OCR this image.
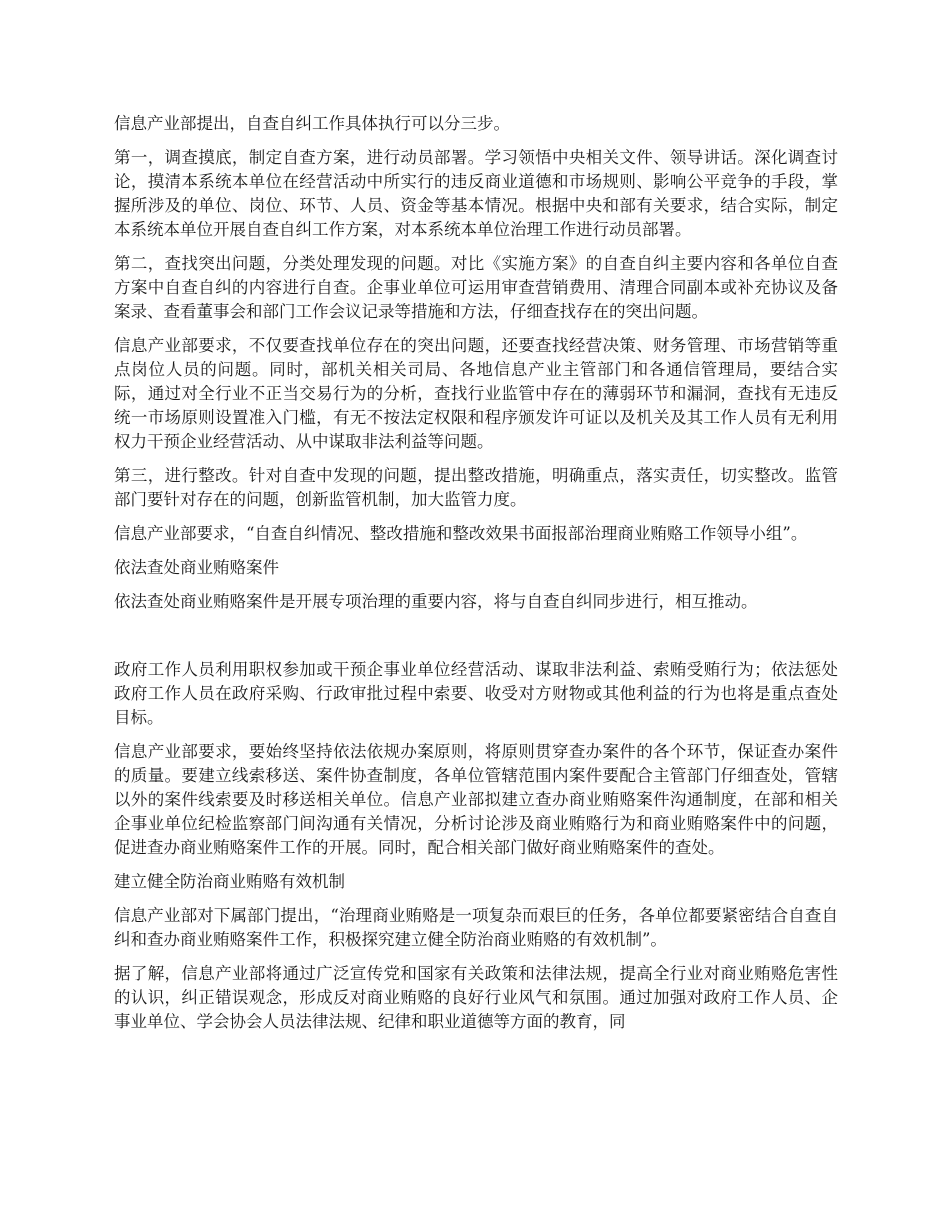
信息产业部提出，自查自纠工作具体执行可以分三步。

第一，调查摸底，制定自查方案，进行动员部署。学习领悟中央相关文件、领导讲话。深化调查讨论，摸清本系统本单位在经营活动中所实行的违反商业道德和市场规则、影响公平竞争的手段，掌握所涉及的单位、岗位、环节、人员、资金等基本情况。根据中央和部有关要求，结合实际，制定本系统本单位开展自查自纠工作方案，对本系统本单位治理工作进行动员部署。

第二，查找突出问题，分类处理发现的问题。对比《实施方案》的自查自纠主要内容和各单位自查方案中自查自纠的内容进行自查。企事业单位可运用审查营销费用、清理合同副本或补充协议及备案录、查看董事会和部门工作会议记录等措施和方法，仔细查找存在的突出问题。

信息产业部要求，不仅要查找单位存在的突出问题，还要查找经营决策、财务管理、市场营销等重点岗位人员的问题。同时，部机关相关司局、各地信息产业主管部门和各通信管理局，要结合实际，通过对全行业不正当交易行为的分析，查找行业监管中存在的薄弱环节和漏洞，查找有无违反统一市场原则设置准入门槛，有无不按法定权限和程序颁发许可证以及机关及其工作人员有无利用权力干预企业经营活动、从中谋取非法利益等问题。

第三，进行整改。针对自查中发现的问题，提出整改措施，明确重点，落实责任，切实整改。监管部门要针对存在的问题，创新监管机制，加大监管力度。

信息产业部要求，“自查自纠情况、整改措施和整改效果书面报部治理商业贿赂工作领导小组”。

依法查处商业贿赂案件

依法查处商业贿赂案件是开展专项治理的重要内容，将与自查自纠同步进行，相互推动。

政府工作人员利用职权参加或干预企事业单位经营活动、谋取非法利益、索贿受贿行为；依法惩处政府工作人员在政府采购、行政审批过程中索要、收受对方财物或其他利益的行为也将是重点查处目标。

信息产业部要求，要始终坚持依法依规办案原则，将原则贯穿查办案件的各个环节，保证查办案件的质量。要建立线索移送、案件协查制度，各单位管辖范围内案件要配合主管部门仔细查处，管辖以外的案件线索要及时移送相关单位。信息产业部拟建立查办商业贿赂案件沟通制度，在部和相关企事业单位纪检监察部门间沟通有关情况，分析讨论涉及商业贿赂行为和商业贿赂案件中的问题，促进查办商业贿赂案件工作的开展。同时，配合相关部门做好商业贿赂案件的查处。

建立健全防治商业贿赂有效机制

信息产业部对下属部门提出，“治理商业贿赂是一项复杂而艰巨的任务，各单位都要紧密结合自查自纠和查办商业贿赂案件工作，积极探究建立健全防治商业贿赂的有效机制”。

据了解，信息产业部将通过广泛宣传党和国家有关政策和法律法规，提高全行业对商业贿赂危害性的认识，纠正错误观念，形成反对商业贿赂的良好行业风气和氛围。通过加强对政府工作人员、企事业单位、学会协会人员法律法规、纪律和职业道德等方面的教育，同
